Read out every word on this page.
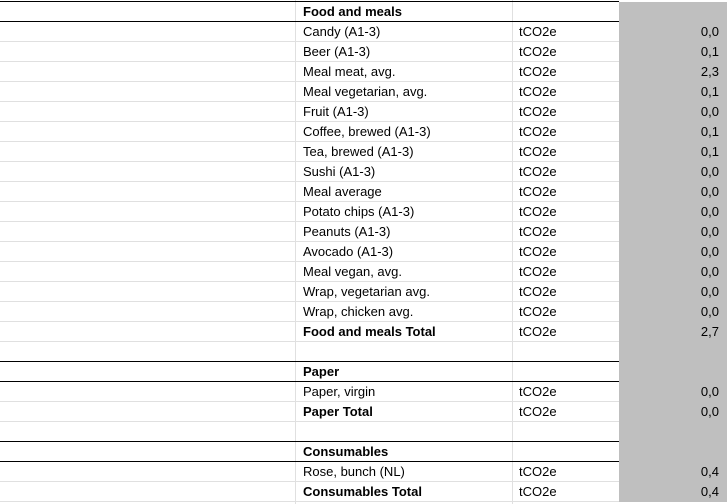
Food and meals
Candy (A1-3)	tCO2e	0,0
Beer (A1-3)	tCO2e	0,1
Meal meat, avg.	tCO2e	2,3
Meal vegetarian, avg.	tCO2e	0,1
Fruit (A1-3)	tCO2e	0,0
Coffee, brewed (A1-3)	tCO2e	0,1
Tea, brewed (A1-3)	tCO2e	0,1
Sushi (A1-3)	tCO2e	0,0
Meal average	tCO2e	0,0
Potato chips (A1-3)	tCO2e	0,0
Peanuts (A1-3)	tCO2e	0,0
Avocado (A1-3)	tCO2e	0,0
Meal vegan, avg.	tCO2e	0,0
Wrap, vegetarian avg.	tCO2e	0,0
Wrap, chicken avg.	tCO2e	0,0
Food and meals Total	tCO2e	2,7
Paper
Paper, virgin	tCO2e	0,0
Paper Total	tCO2e	0,0
Consumables
Rose, bunch (NL)	tCO2e	0,4
Consumables Total	tCO2e	0,4
